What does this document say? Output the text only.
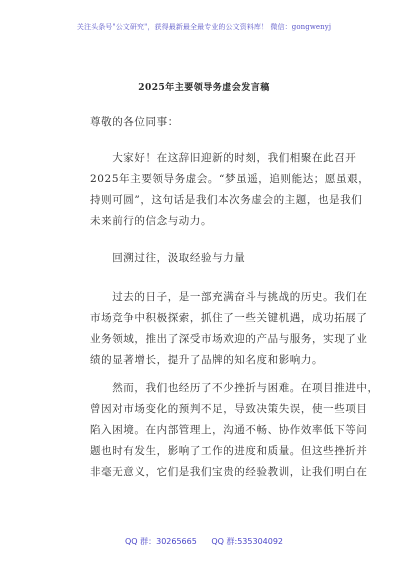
关注头条号"公文研究"，获得最新最全最专业的公文资料库！ 微信：gongwenyj
2025年主要领导务虚会发言稿

尊敬的各位同事：

　　大家好！在这辞旧迎新的时刻，我们相聚在此召开
2025年主要领导务虚会。“梦虽遥，追则能达；愿虽艰，
持则可圆”，这句话是我们本次务虚会的主题，也是我们
未来前行的信念与动力。

　　回溯过往，汲取经验与力量

　　过去的日子，是一部充满奋斗与挑战的历史。我们在
市场竞争中积极探索，抓住了一些关键机遇，成功拓展了
业务领域，推出了深受市场欢迎的产品与服务，实现了业
绩的显著增长，提升了品牌的知名度和影响力。

　　然而，我们也经历了不少挫折与困难。在项目推进中，
曾因对市场变化的预判不足，导致决策失误，使一些项目
陷入困境。在内部管理上，沟通不畅、协作效率低下等问
题也时有发生，影响了工作的进度和质量。但这些挫折并
非毫无意义，它们是我们宝贵的经验教训，让我们明白在

QQ 群：30265665 QQ 群:535304092
